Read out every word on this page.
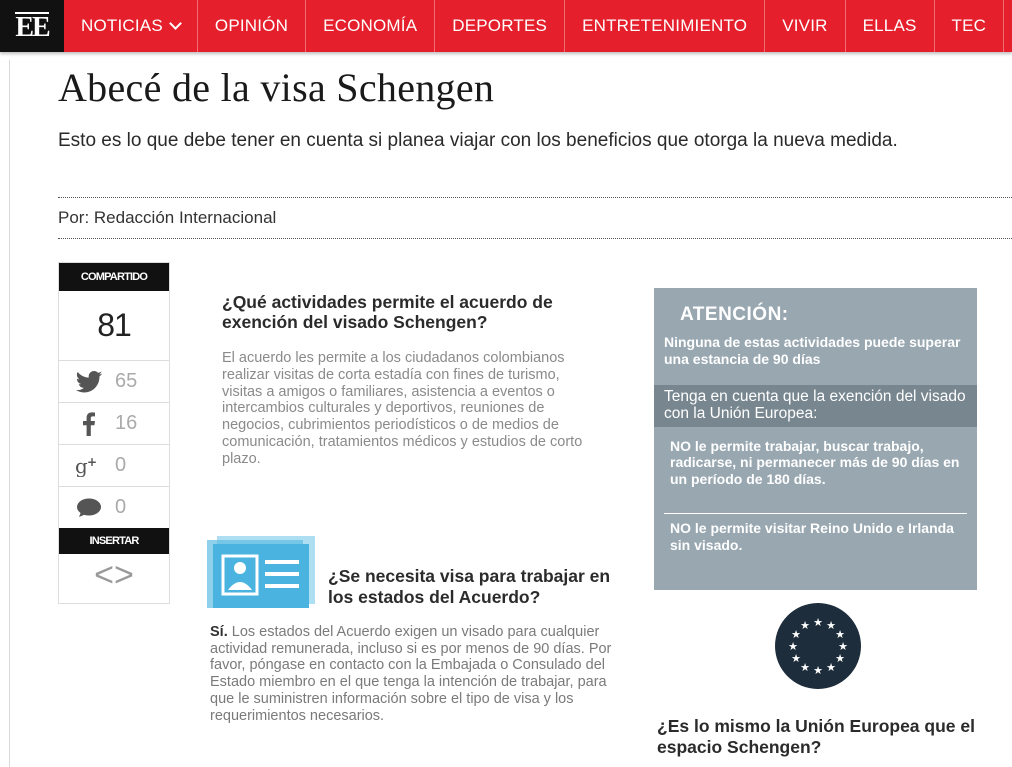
EE NOTICIAS	OPINIÓN	ECONOMÍA	DEPORTES	ENTRETENIMIENTO	VIVIR	ELLAS	TEC
Abecé de la visa Schengen

Esto es lo que debe tener en cuenta si planea viajar con los beneficios que otorga la nueva medida.

Por: Redacción Internacional
COMPARTIDO
81
65
16
g + 0
0
INSERTAR
<>
¿Qué actividades permite el acuerdo de exención del visado Schengen?
El acuerdo les permite a los ciudadanos colombianos realizar visitas de corta estadía con fines de turismo, visitas a amigos o familiares, asistencia a eventos o intercambios culturales y deportivos, reuniones de negocios, cubrimientos periodísticos o de medios de comunicación, tratamientos médicos y estudios de corto plazo.
¿Se necesita visa para trabajar en los estados del Acuerdo?
Sí. Los estados del Acuerdo exigen un visado para cualquier actividad remunerada, incluso si es por menos de 90 días. Por favor, póngase en contacto con la Embajada o Consulado del Estado miembro en el que tenga la intención de trabajar, para que le suministren información sobre el tipo de visa y los requerimientos necesarios.
ATENCIÓN:
Ninguna de estas actividades puede superar una estancia de 90 días
Tenga en cuenta que la exención del visado con la Unión Europea:
NO le permite trabajar, buscar trabajo, radicarse, ni permanecer más de 90 días en un período de 180 días.
NO le permite visitar Reino Unido e Irlanda sin visado.
★ ★
★
★
★
★
★
★
★
★
★
★
¿Es lo mismo la Unión Europea que el espacio Schengen?
